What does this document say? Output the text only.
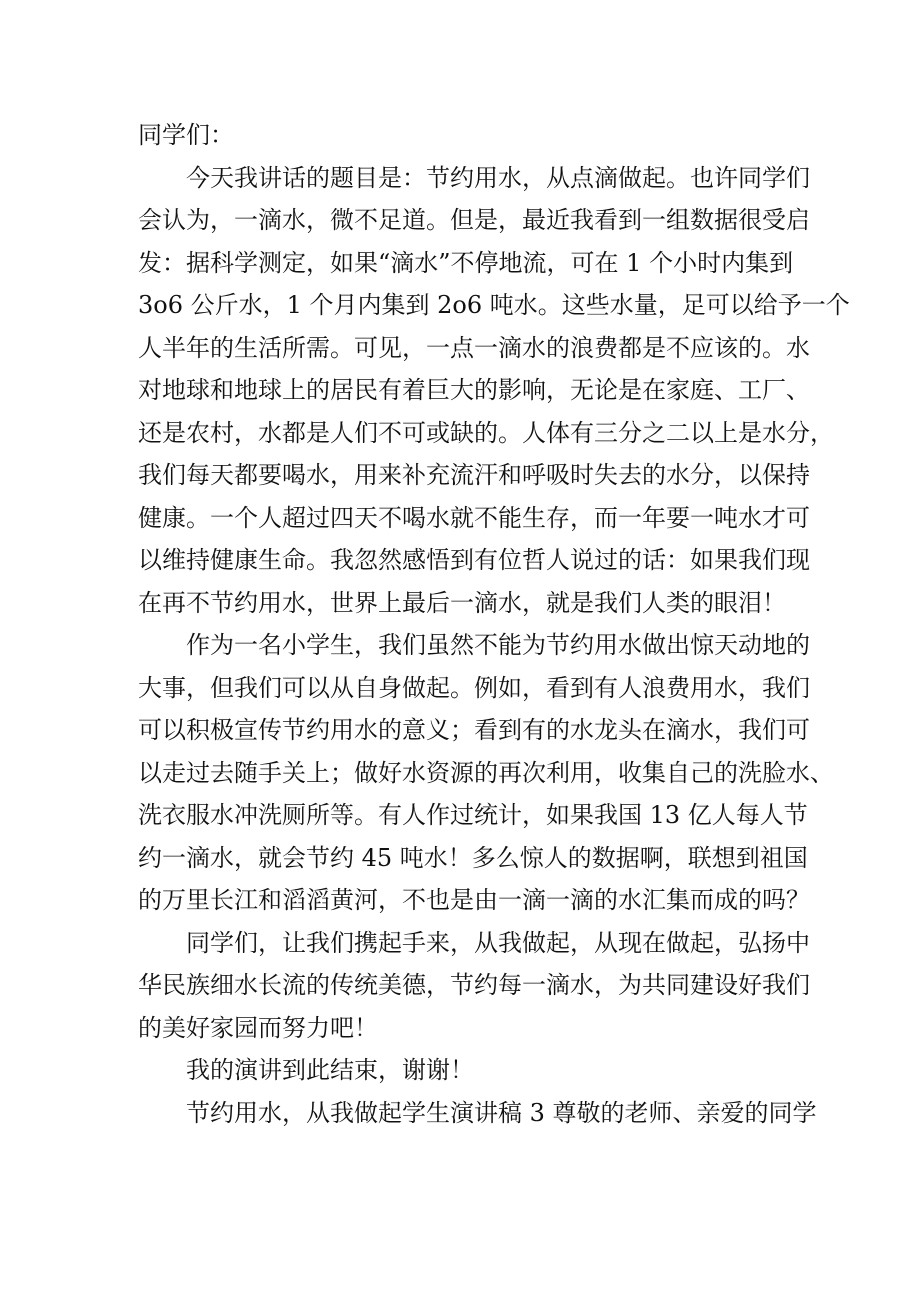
同学们：
今天我讲话的题目是：节约用水，从点滴做起。也许同学们
会认为，一滴水，微不足道。但是，最近我看到一组数据很受启
发：据科学测定，如果“滴水”不停地流，可在 1 个小时内集到
3o6 公斤水，1 个月内集到 2o6 吨水。这些水量，足可以给予一个
人半年的生活所需。可见，一点一滴水的浪费都是不应该的。水
对地球和地球上的居民有着巨大的影响，无论是在家庭、工厂、
还是农村，水都是人们不可或缺的。人体有三分之二以上是水分，
我们每天都要喝水，用来补充流汗和呼吸时失去的水分，以保持
健康。一个人超过四天不喝水就不能生存，而一年要一吨水才可
以维持健康生命。我忽然感悟到有位哲人说过的话：如果我们现
在再不节约用水，世界上最后一滴水，就是我们人类的眼泪！
作为一名小学生，我们虽然不能为节约用水做出惊天动地的
大事，但我们可以从自身做起。例如，看到有人浪费用水，我们
可以积极宣传节约用水的意义；看到有的水龙头在滴水，我们可
以走过去随手关上；做好水资源的再次利用，收集自己的洗脸水、
洗衣服水冲洗厕所等。有人作过统计，如果我国 13 亿人每人节
约一滴水，就会节约 45 吨水！多么惊人的数据啊，联想到祖国
的万里长江和滔滔黄河，不也是由一滴一滴的水汇集而成的吗？
同学们，让我们携起手来，从我做起，从现在做起，弘扬中
华民族细水长流的传统美德，节约每一滴水，为共同建设好我们
的美好家园而努力吧！
我的演讲到此结束，谢谢！
节约用水，从我做起学生演讲稿 3 尊敬的老师、亲爱的同学
